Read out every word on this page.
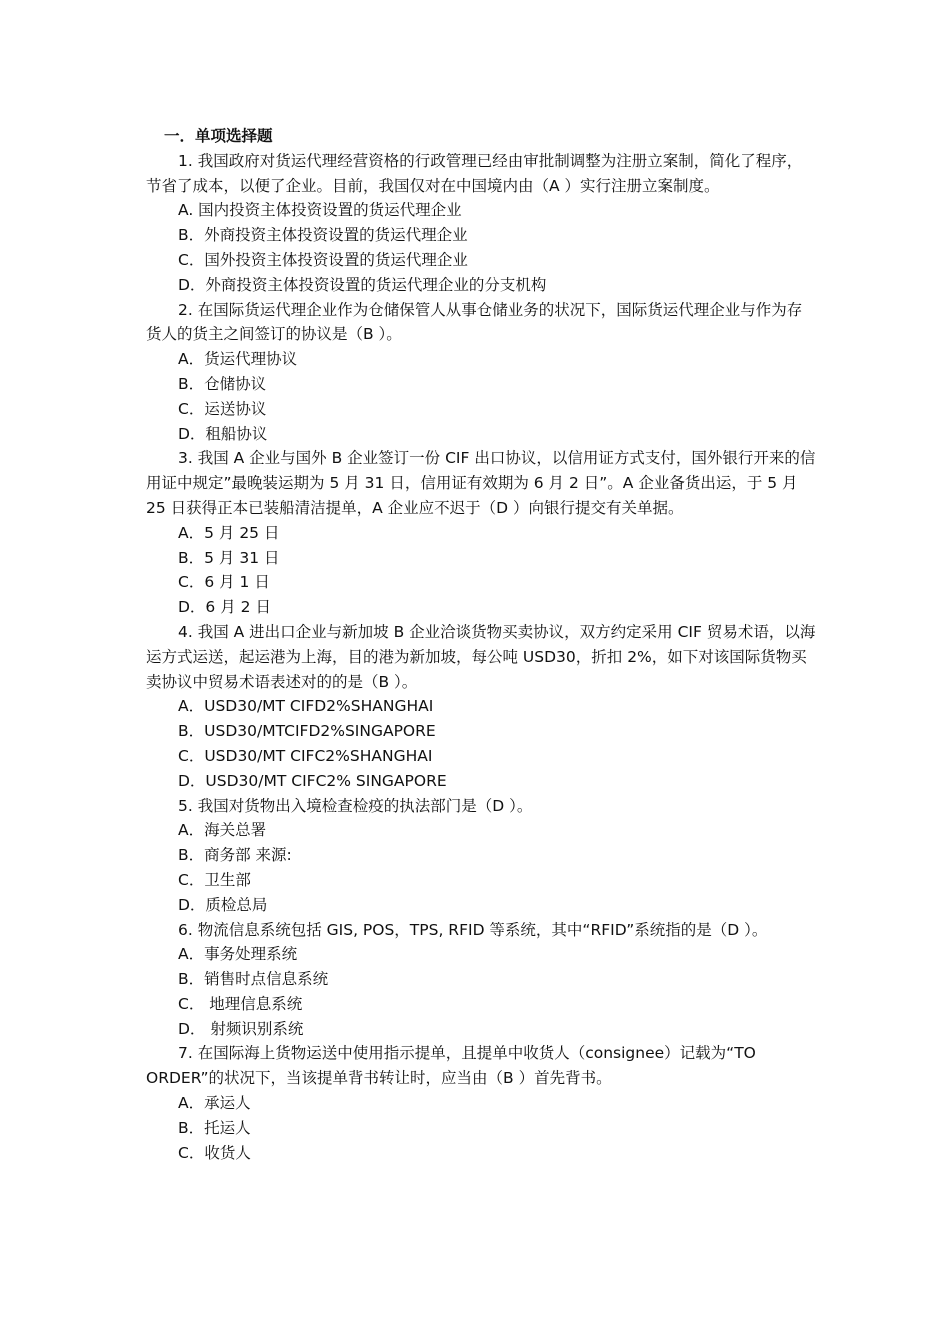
一．单项选择题
1. 我国政府对货运代理经营资格的行政管理已经由审批制调整为注册立案制，简化了程序，节省了成本，以便了企业。目前，我国仅对在中国境内由（A ）实行注册立案制度。
A. 国内投资主体投资设置的货运代理企业
B．外商投资主体投资设置的货运代理企业
C．国外投资主体投资设置的货运代理企业
D．外商投资主体投资设置的货运代理企业的分支机构
2. 在国际货运代理企业作为仓储保管人从事仓储业务的状况下，国际货运代理企业与作为存货人的货主之间签订的协议是（B ）。
A．货运代理协议
B．仓储协议
C．运送协议
D．租船协议
3. 我国 A 企业与国外 B 企业签订一份 CIF 出口协议，以信用证方式支付，国外银行开来的信用证中规定”最晚装运期为 5 月 31 日，信用证有效期为 6 月 2 日”。A 企业备货出运，于 5 月 25 日获得正本已装船清洁提单，A 企业应不迟于（D ）向银行提交有关单据。
A．5 月 25 日
B．5 月 31 日
C．6 月 1 日
D．6 月 2 日
4. 我国 A 进出口企业与新加坡 B 企业洽谈货物买卖协议，双方约定采用 CIF 贸易术语，以海运方式运送，起运港为上海，目的港为新加坡，每公吨 USD30，折扣 2%，如下对该国际货物买卖协议中贸易术语表述对的的是（B ）。
A．USD30/MT CIFD2%SHANGHAI
B．USD30/MTCIFD2%SINGAPORE
C．USD30/MT CIFC2%SHANGHAI
D．USD30/MT CIFC2% SINGAPORE
5. 我国对货物出入境检查检疫的执法部门是（D ）。
A．海关总署
B．商务部 来源:
C．卫生部
D．质检总局
6. 物流信息系统包括 GIS, POS，TPS, RFID 等系统，其中“RFID”系统指的是（D ）。
A．事务处理系统
B．销售时点信息系统
C． 地理信息系统
D． 射频识别系统
7. 在国际海上货物运送中使用指示提单，且提单中收货人（consignee）记载为“TO ORDER”的状况下，当该提单背书转让时，应当由（B ）首先背书。
A．承运人
B．托运人
C．收货人
